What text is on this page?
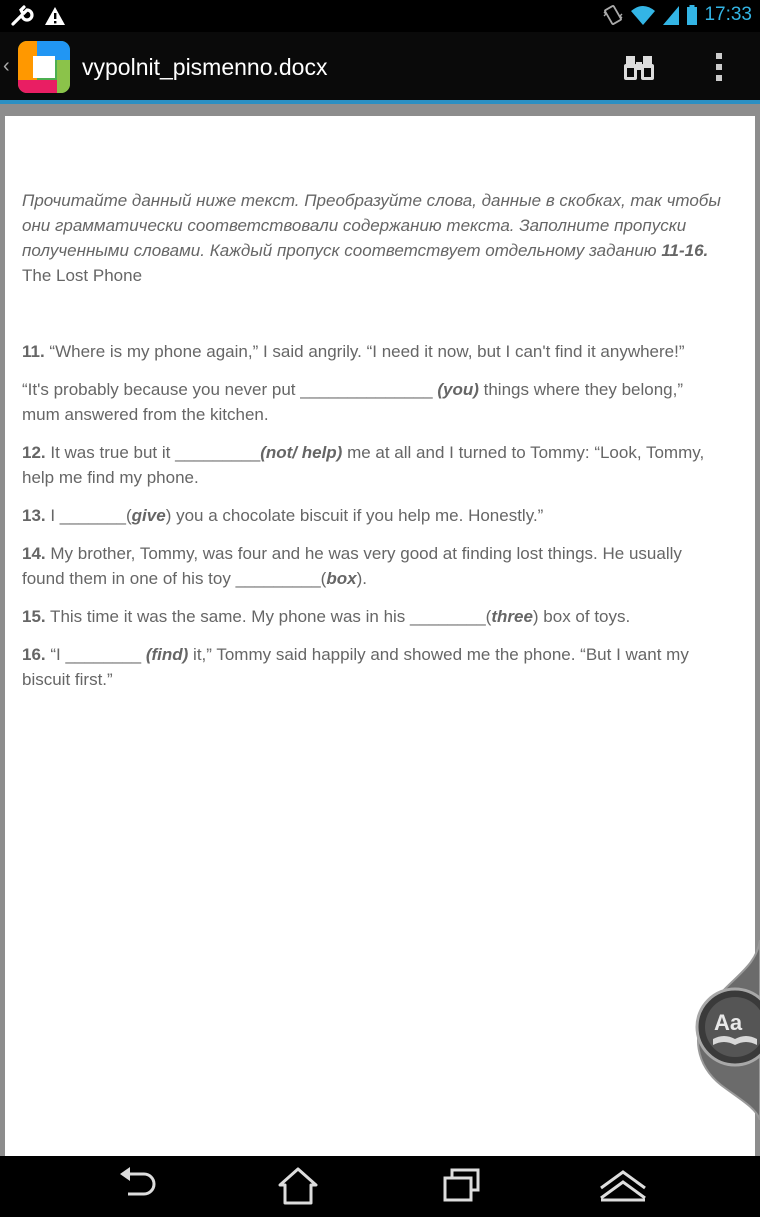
17:33
‹	vypolnit_pismenno.docx

Прочитайте данный ниже текст. Преобразуйте слова, данные в скобках, так чтобы они грамматически соответствовали содержанию текста. Заполните пропуски полученными словами. Каждый пропуск соответствует отдельному заданию 11-16.

The Lost Phone

11. “Where is my phone again,” I said angrily. “I need it now, but I can't find it anywhere!”

“It's probably because you never put ______________ (you) things where they belong,” mum answered from the kitchen.

12. It was true but it _________(not/ help) me at all and I turned to Tommy: “Look, Tommy, help me find my phone.

13. I _______(give) you a chocolate biscuit if you help me. Honestly.”

14. My brother, Tommy, was four and he was very good at finding lost things. He usually found them in one of his toy _________(box).

15. This time it was the same. My phone was in his ________(three) box of toys.

16. “I ________ (find) it,” Tommy said happily and showed me the phone. “But I want my biscuit first.”

Aa
